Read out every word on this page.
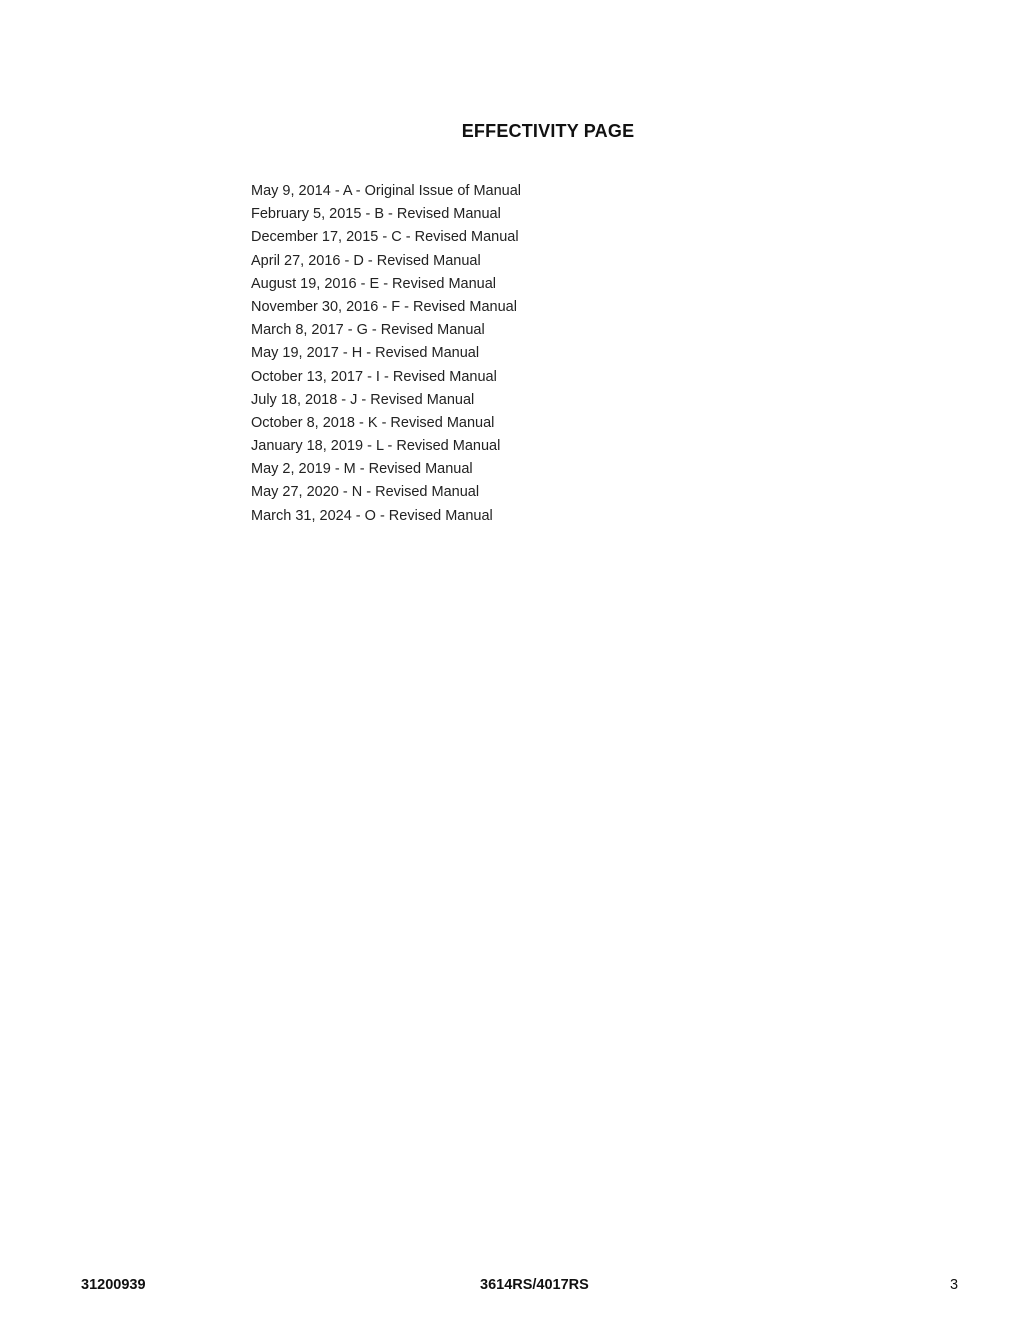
EFFECTIVITY PAGE
May 9, 2014 - A - Original Issue of Manual
February 5, 2015 - B - Revised Manual
December 17, 2015 - C - Revised Manual
April 27, 2016 - D - Revised Manual
August 19, 2016 - E - Revised Manual
November 30, 2016 - F - Revised Manual
March 8, 2017 - G - Revised Manual
May 19, 2017 - H - Revised Manual
October 13, 2017 - I - Revised Manual
July 18, 2018 - J - Revised Manual
October 8, 2018 - K - Revised Manual
January 18, 2019 - L - Revised Manual
May 2, 2019 - M - Revised Manual
May 27, 2020 - N - Revised Manual
March 31, 2024 - O - Revised Manual
31200939	3614RS/4017RS	3
